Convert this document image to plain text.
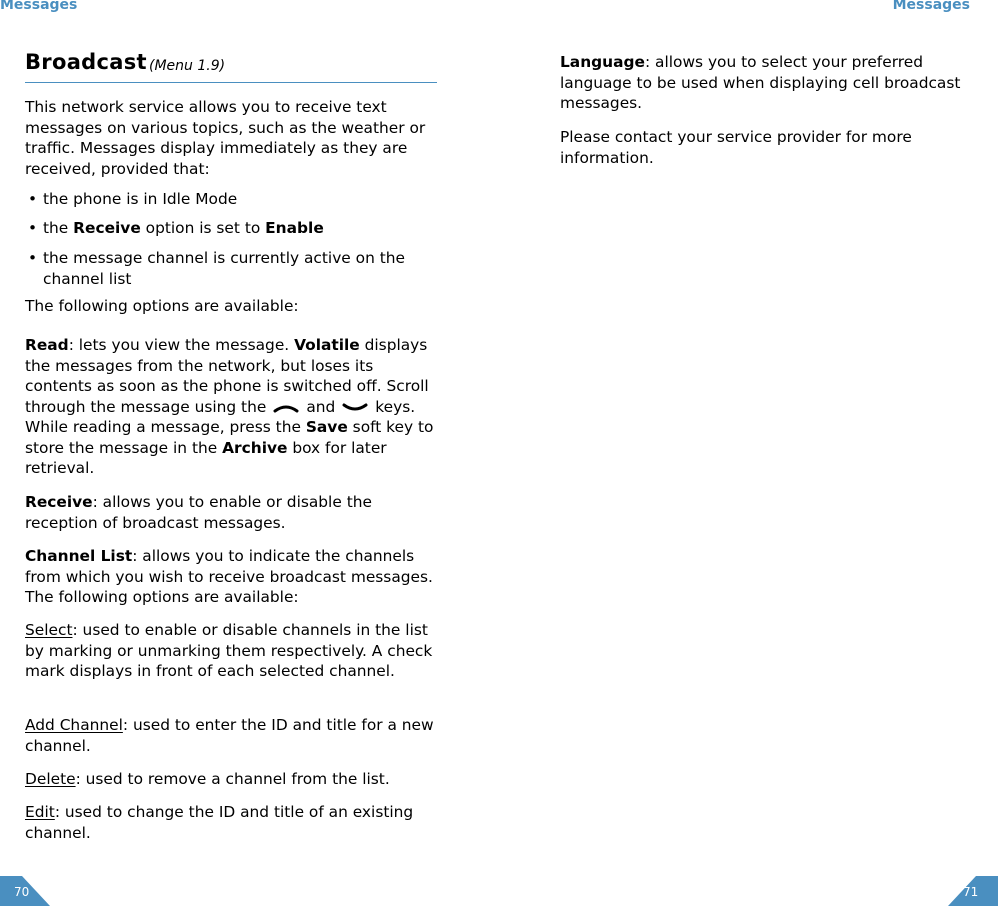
Messages	Messages
Broadcast (Menu 1.9)

This network service allows you to receive text messages on various topics, such as the weather or traffic. Messages display immediately as they are received, provided that:

• the phone is in Idle Mode
• the Receive option is set to Enable
• the message channel is currently active on the channel list

The following options are available:

Read: lets you view the message. Volatile displays the messages from the network, but loses its contents as soon as the phone is switched off. Scroll through the message using the	and	keys. While reading a message, press the Save soft key to store the message in the Archive box for later retrieval.

Receive: allows you to enable or disable the reception of broadcast messages.

Channel List: allows you to indicate the channels from which you wish to receive broadcast messages. The following options are available:

Select: used to enable or disable channels in the list by marking or unmarking them respectively. A check mark displays in front of each selected channel.

Add Channel: used to enter the ID and title for a new channel.

Delete: used to remove a channel from the list.

Edit: used to change the ID and title of an existing channel.

Language: allows you to select your preferred language to be used when displaying cell broadcast messages.

Please contact your service provider for more information.

70	71
